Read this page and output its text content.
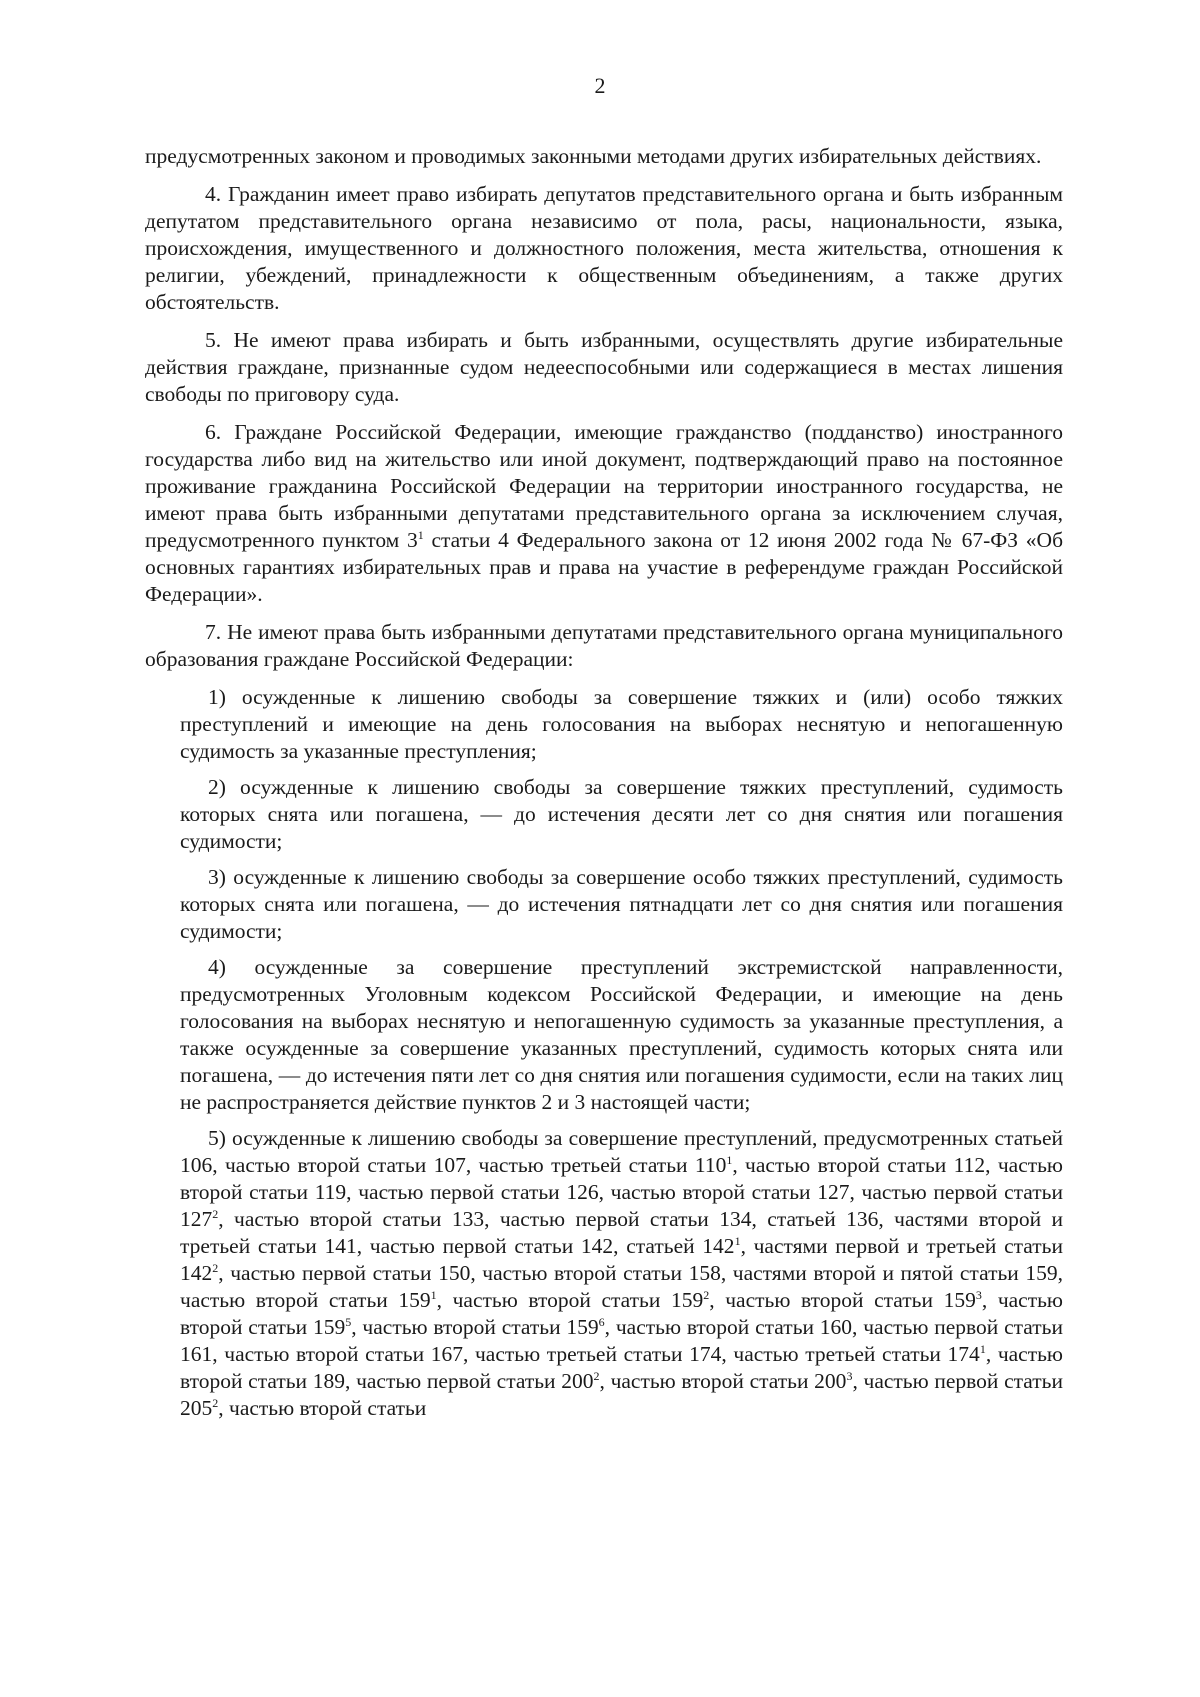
2

предусмотренных законом и проводимых законными методами других избирательных действиях.

4. Гражданин имеет право избирать депутатов представительного органа и быть избранным депутатом представительного органа независимо от пола, расы, национальности, языка, происхождения, имущественного и должностного положения, места жительства, отношения к религии, убеждений, принадлежности к общественным объединениям, а также других обстоятельств.

5. Не имеют права избирать и быть избранными, осуществлять другие избирательные действия граждане, признанные судом недееспособными или содержащиеся в местах лишения свободы по приговору суда.

6. Граждане Российской Федерации, имеющие гражданство (подданство) иностранного государства либо вид на жительство или иной документ, подтверждающий право на постоянное проживание гражданина Российской Федерации на территории иностранного государства, не имеют права быть избранными депутатами представительного органа за исключением случая, предусмотренного пунктом $3^1$ статьи 4 Федерального закона от 12 июня 2002 года № 67-ФЗ «Об основных гарантиях избирательных прав и права на участие в референдуме граждан Российской Федерации».

7. Не имеют права быть избранными депутатами представительного органа муниципального образования граждане Российской Федерации:

1) осужденные к лишению свободы за совершение тяжких и (или) особо тяжких преступлений и имеющие на день голосования на выборах неснятую и непогашенную судимость за указанные преступления;

2) осужденные к лишению свободы за совершение тяжких преступлений, судимость которых снята или погашена, — до истечения десяти лет со дня снятия или погашения судимости;

3) осужденные к лишению свободы за совершение особо тяжких преступлений, судимость которых снята или погашена, — до истечения пятнадцати лет со дня снятия или погашения судимости;

4) осужденные за совершение преступлений экстремистской направленности, предусмотренных Уголовным кодексом Российской Федерации, и имеющие на день голосования на выборах неснятую и непогашенную судимость за указанные преступления, а также осужденные за совершение указанных преступлений, судимость которых снята или погашена, — до истечения пяти лет со дня снятия или погашения судимости, если на таких лиц не распространяется действие пунктов 2 и 3 настоящей части;

5) осужденные к лишению свободы за совершение преступлений, предусмотренных статьей 106, частью второй статьи 107, частью третьей статьи $110^1$, частью второй статьи 112, частью второй статьи 119, частью первой статьи 126, частью второй статьи 127, частью первой статьи $127^2$, частью второй статьи 133, частью первой статьи 134, статьей 136, частями второй и третьей статьи 141, частью первой статьи 142, статьей $142^1$, частями первой и третьей статьи $142^2$, частью первой статьи 150, частью второй статьи 158, частями второй и пятой статьи 159, частью второй статьи $159^1$, частью второй статьи $159^2$, частью второй статьи $159^3$, частью второй статьи $159^5$, частью второй статьи $159^6$, частью второй статьи 160, частью первой статьи 161, частью второй статьи 167, частью третьей статьи 174, частью третьей статьи $174^1$, частью второй статьи 189, частью первой статьи $200^2$, частью второй статьи $200^3$, частью первой статьи $205^2$, частью второй статьи
